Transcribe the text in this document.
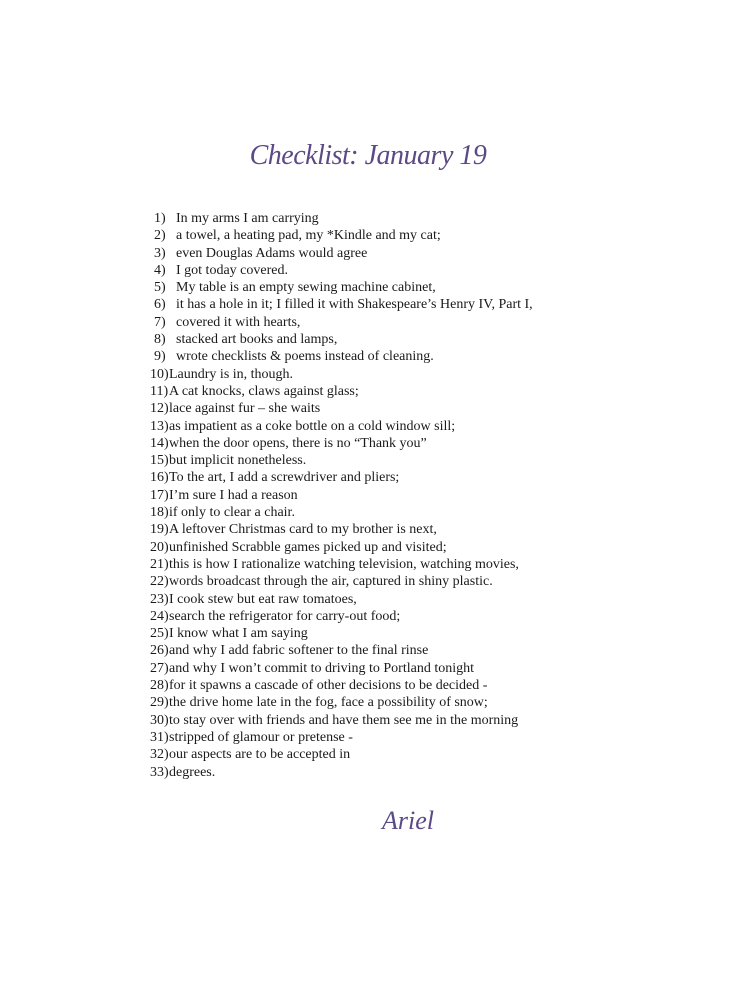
Checklist: January 19
1) In my arms I am carrying
2) a towel, a heating pad, my *Kindle and my cat;
3) even Douglas Adams would agree
4) I got today covered.
5) My table is an empty sewing machine cabinet,
6) it has a hole in it; I filled it with Shakespeare’s Henry IV, Part I,
7) covered it with hearts,
8) stacked art books and lamps,
9) wrote checklists & poems instead of cleaning.
10)Laundry is in, though.
11)A cat knocks, claws against glass;
12)lace against fur – she waits
13)as impatient as a coke bottle on a cold window sill;
14)when the door opens, there is no “Thank you”
15)but implicit nonetheless.
16)To the art, I add a screwdriver and pliers;
17)I’m sure I had a reason
18)if only to clear a chair.
19)A leftover Christmas card to my brother is next,
20)unfinished Scrabble games picked up and visited;
21)this is how I rationalize watching television, watching movies,
22)words broadcast through the air, captured in shiny plastic.
23)I cook stew but eat raw tomatoes,
24)search the refrigerator for carry-out food;
25)I know what I am saying
26)and why I add fabric softener to the final rinse
27)and why I won’t commit to driving to Portland tonight
28)for it spawns a cascade of other decisions to be decided -
29)the drive home late in the fog, face a possibility of snow;
30)to stay over with friends and have them see me in the morning
31)stripped of glamour or pretense -
32)our aspects are to be accepted in
33)degrees.
Ariel
